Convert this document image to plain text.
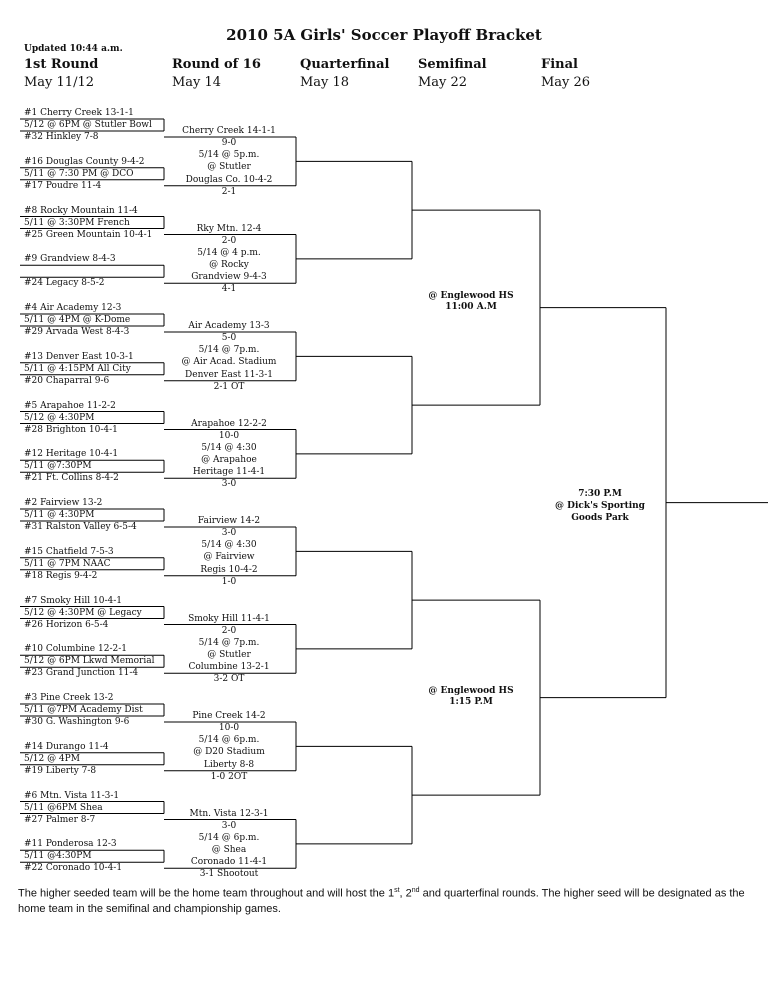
2010 5A Girls' Soccer Playoff Bracket
Updated 10:44 a.m.
1st Round
May 11/12
Round of 16
May 14
Quarterfinal
May 18
Semifinal
May 22
Final
May 26
#1 Cherry Creek 13-1-1
5/12 @ 6PM @ Stutler Bowl
#32 Hinkley 7-8
#16 Douglas County 9-4-2
5/11 @ 7:30 PM @ DCO
#17 Poudre 11-4
#8 Rocky Mountain 11-4
5/11 @ 3:30PM French
#25 Green Mountain 10-4-1
#9 Grandview 8-4-3
#24 Legacy 8-5-2
#4 Air Academy 12-3
5/11 @ 4PM @ K-Dome
#29 Arvada West 8-4-3
#13 Denver East 10-3-1
5/11 @ 4:15PM All City
#20 Chaparral 9-6
#5 Arapahoe 11-2-2
5/12 @ 4:30PM
#28 Brighton 10-4-1
#12 Heritage 10-4-1
5/11 @7:30PM
#21 Ft. Collins 8-4-2
#2 Fairview 13-2
5/11 @ 4:30PM
#31 Ralston Valley 6-5-4
#15 Chatfield 7-5-3
5/11 @ 7PM NAAC
#18 Regis 9-4-2
#7 Smoky Hill 10-4-1
5/12 @ 4:30PM @ Legacy
#26 Horizon 6-5-4
#10 Columbine 12-2-1
5/12 @ 6PM Lkwd Memorial
#23 Grand Junction 11-4
#3 Pine Creek 13-2
5/11 @7PM Academy Dist
#30 G. Washington 9-6
#14 Durango 11-4
5/12 @ 4PM
#19 Liberty 7-8
#6 Mtn. Vista 11-3-1
5/11 @6PM Shea
#27 Palmer 8-7
#11 Ponderosa 12-3
5/11 @4:30PM
#22 Coronado 10-4-1
Cherry Creek 14-1-1
9-0
5/14 @ 5p.m.
@ Stutler
Douglas Co. 10-4-2
2-1
Rky Mtn. 12-4
2-0
5/14 @ 4 p.m.
@ Rocky
Grandview 9-4-3
4-1
Air Academy 13-3
5-0
5/14 @ 7p.m.
@ Air Acad. Stadium
Denver East 11-3-1
2-1 OT
Arapahoe 12-2-2
10-0
5/14 @ 4:30
@ Arapahoe
Heritage 11-4-1
3-0
Fairview 14-2
3-0
5/14 @ 4:30
@ Fairview
Regis 10-4-2
1-0
Smoky Hill 11-4-1
2-0
5/14 @ 7p.m.
@ Stutler
Columbine 13-2-1
3-2 OT
Pine Creek 14-2
10-0
5/14 @ 6p.m.
@ D20 Stadium
Liberty 8-8
1-0 2OT
Mtn. Vista 12-3-1
3-0
5/14 @ 6p.m.
@ Shea
Coronado 11-4-1
3-1 Shootout
@ Englewood HS
11:00 A.M
@ Englewood HS
1:15 P.M
7:30 P.M
@ Dick's Sporting
Goods Park
The higher seeded team will be the home team throughout and will host the 1st, 2nd and quarterfinal rounds. The higher seed will be designated as the home team in the semifinal and championship games.
